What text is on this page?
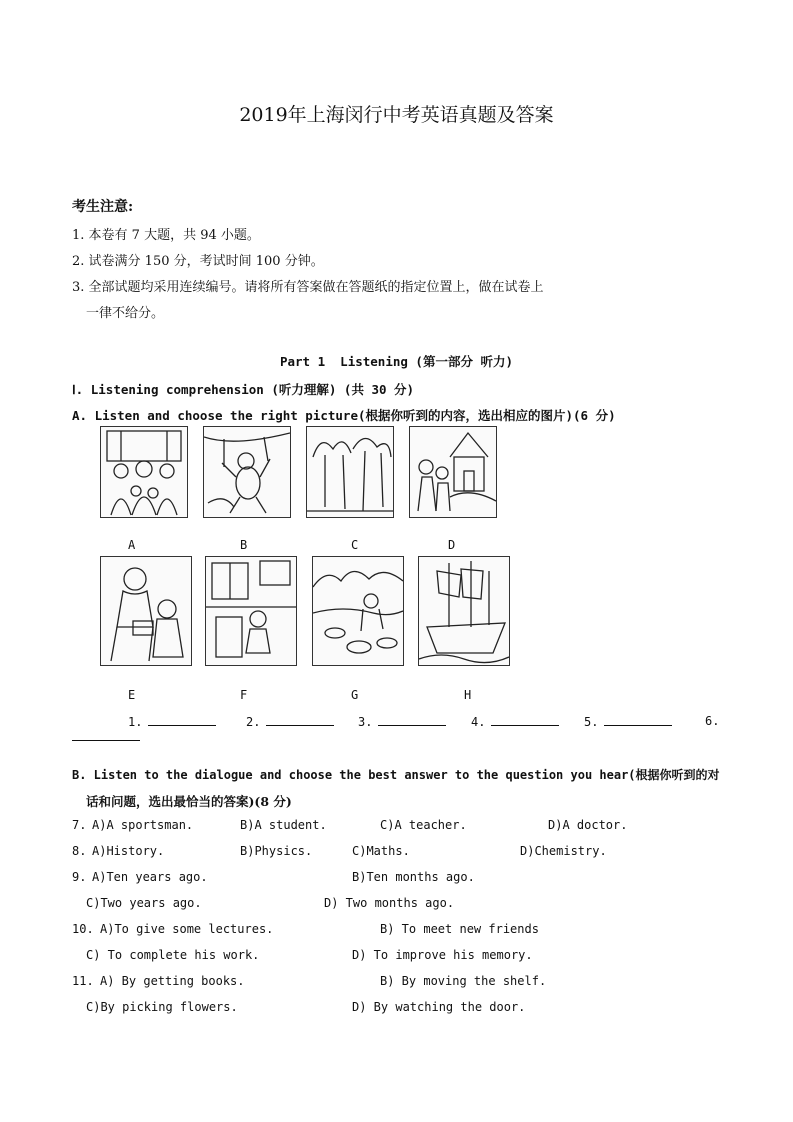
2019年上海闵行中考英语真题及答案
考生注意:
1. 本卷有 7 大题，共 94 小题。
2. 试卷满分 150 分，考试时间 100 分钟。
3. 全部试题均采用连续编号。请将所有答案做在答题纸的指定位置上，做在试卷上
一律不给分。
Part 1  Listening (第一部分 听力)
Ⅰ. Listening comprehension (听力理解) (共 30 分)
A. Listen and choose the right picture(根据你听到的内容，选出相应的图片)(6 分)
A	B	C	D
E	F	G	H
1.	2.	3.	4.	5.	6.
B. Listen to the dialogue and choose the best answer to the question you hear(根据你听到的对
话和问题，选出最恰当的答案)(8 分)
7. A)A sportsman.	B)A student.	C)A teacher.	D)A doctor.
8. A)History.	B)Physics.	C)Maths.	D)Chemistry.
9. A)Ten years ago.	B)Ten months ago.
C)Two years ago.	D) Two months ago.
10. A)To give some lectures.	B) To meet new friends
C) To complete his work.	D) To improve his memory.
11. A) By getting books.	B) By moving the shelf.
C)By picking flowers.	D) By watching the door.
